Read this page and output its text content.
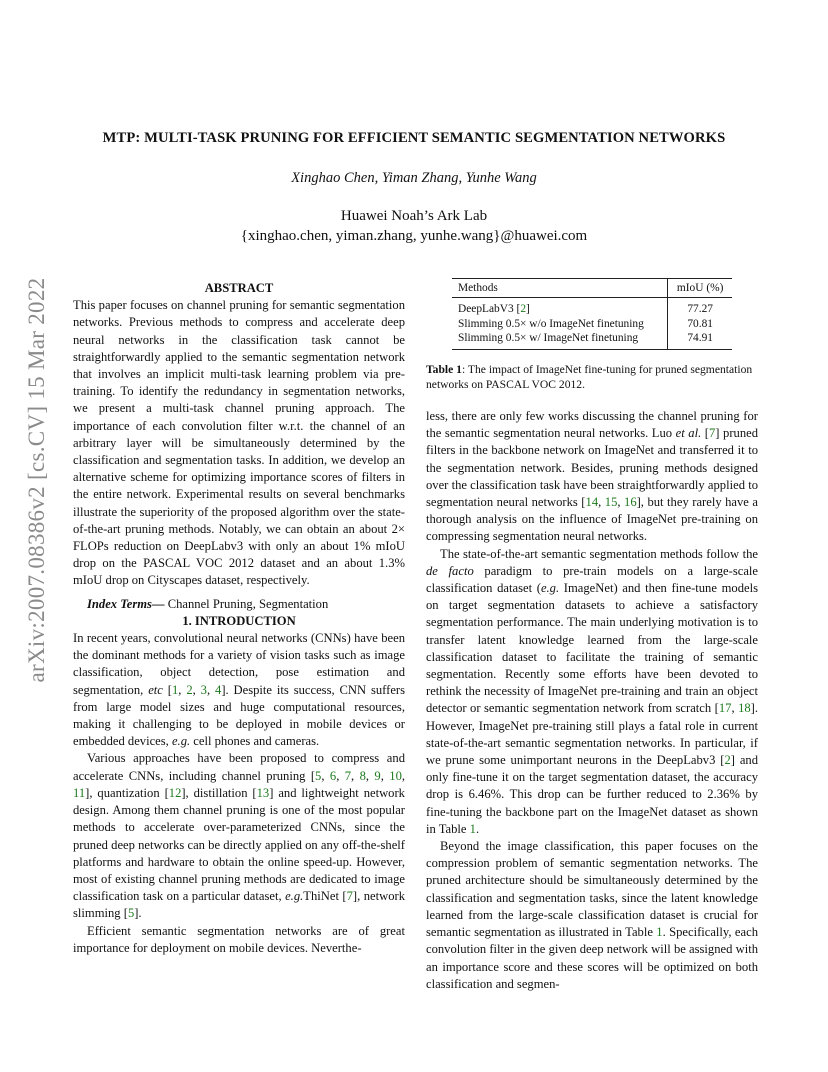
arXiv:2007.08386v2 [cs.CV] 15 Mar 2022
MTP: MULTI-TASK PRUNING FOR EFFICIENT SEMANTIC SEGMENTATION NETWORKS
Xinghao Chen, Yiman Zhang, Yunhe Wang
Huawei Noah’s Ark Lab
{xinghao.chen, yiman.zhang, yunhe.wang}@huawei.com

ABSTRACT

This paper focuses on channel pruning for semantic segmentation networks. Previous methods to compress and accelerate deep neural networks in the classification task cannot be straightforwardly applied to the semantic segmentation network that involves an implicit multi-task learning problem via pre-training. To identify the redundancy in segmentation networks, we present a multi-task channel pruning approach. The importance of each convolution filter w.r.t. the channel of an arbitrary layer will be simultaneously determined by the classification and segmentation tasks. In addition, we develop an alternative scheme for optimizing importance scores of filters in the entire network. Experimental results on several benchmarks illustrate the superiority of the proposed algorithm over the state-of-the-art pruning methods. Notably, we can obtain an about 2× FLOPs reduction on DeepLabv3 with only an about 1% mIoU drop on the PASCAL VOC 2012 dataset and an about 1.3% mIoU drop on Cityscapes dataset, respectively.

Index Terms— Channel Pruning, Segmentation

1. INTRODUCTION

In recent years, convolutional neural networks (CNNs) have been the dominant methods for a variety of vision tasks such as image classification, object detection, pose estimation and segmentation, etc [1, 2, 3, 4]. Despite its success, CNN suffers from large model sizes and huge computational resources, making it challenging to be deployed in mobile devices or embedded devices, e.g. cell phones and cameras.

Various approaches have been proposed to compress and accelerate CNNs, including channel pruning [5, 6, 7, 8, 9, 10, 11], quantization [12], distillation [13] and lightweight network design. Among them channel pruning is one of the most popular methods to accelerate over-parameterized CNNs, since the pruned deep networks can be directly applied on any off-the-shelf platforms and hardware to obtain the online speed-up. However, most of existing channel pruning methods are dedicated to image classification task on a particular dataset, e.g.ThiNet [7], network slimming [5].

Efficient semantic segmentation networks are of great importance for deployment on mobile devices. Neverthe-

Methods	mIoU (%)
DeepLabV3 [2]	77.27
Slimming 0.5× w/o ImageNet finetuning	70.81
Slimming 0.5× w/ ImageNet finetuning	74.91
Table 1: The impact of ImageNet fine-tuning for pruned segmentation networks on PASCAL VOC 2012.

less, there are only few works discussing the channel pruning for the semantic segmentation neural networks. Luo et al. [7] pruned filters in the backbone network on ImageNet and transferred it to the segmentation network. Besides, pruning methods designed over the classification task have been straightforwardly applied to segmentation neural networks [14, 15, 16], but they rarely have a thorough analysis on the influence of ImageNet pre-training on compressing segmentation neural networks.

The state-of-the-art semantic segmentation methods follow the de facto paradigm to pre-train models on a large-scale classification dataset (e.g. ImageNet) and then fine-tune models on target segmentation datasets to achieve a satisfactory segmentation performance. The main underlying motivation is to transfer latent knowledge learned from the large-scale classification dataset to facilitate the training of semantic segmentation. Recently some efforts have been devoted to rethink the necessity of ImageNet pre-training and train an object detector or semantic segmentation network from scratch [17, 18]. However, ImageNet pre-training still plays a fatal role in current state-of-the-art semantic segmentation networks. In particular, if we prune some unimportant neurons in the DeepLabv3 [2] and only fine-tune it on the target segmentation dataset, the accuracy drop is 6.46%. This drop can be further reduced to 2.36% by fine-tuning the backbone part on the ImageNet dataset as shown in Table 1.

Beyond the image classification, this paper focuses on the compression problem of semantic segmentation networks. The pruned architecture should be simultaneously determined by the classification and segmentation tasks, since the latent knowledge learned from the large-scale classification dataset is crucial for semantic segmentation as illustrated in Table 1. Specifically, each convolution filter in the given deep network will be assigned with an importance score and these scores will be optimized on both classification and segmen-
